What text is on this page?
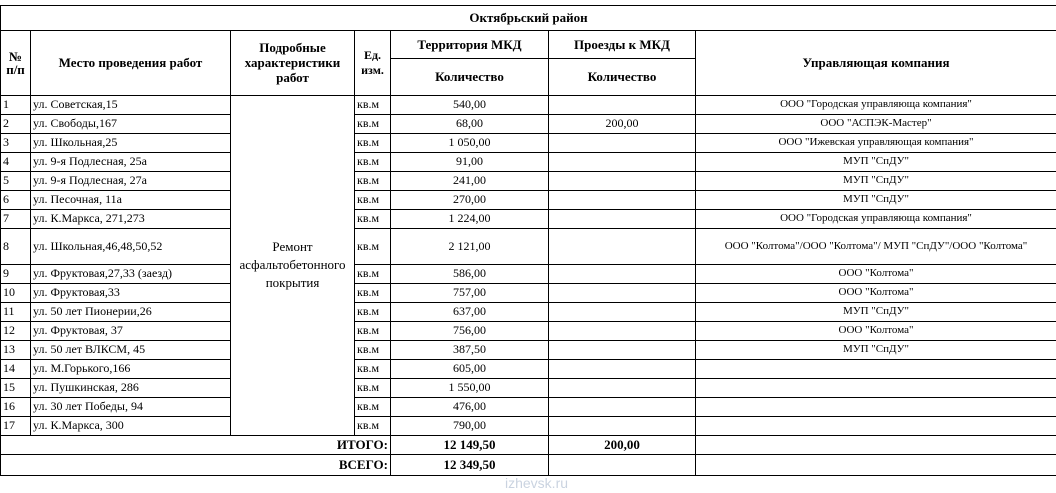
Октябрьский район						
№ п/п	Место проведения работ	Подробные характеристики работ	Ед. изм.	Территория МКД	Проезды к МКД	Управляющая компания
				Количество	Количество	
1	ул. Советская,15	Ремонт асфальтобетонного покрытия	кв.м	540,00		ООО "Городская управляюща компания"
2	ул. Свободы,167		кв.м	68,00	200,00	ООО "АСПЭК-Мастер"
3	ул. Школьная,25		кв.м	1 050,00		ООО "Ижевская управляющая компания"
4	ул. 9-я Подлесная, 25а		кв.м	91,00		МУП "СпДУ"
5	ул. 9-я Подлесная, 27а		кв.м	241,00		МУП "СпДУ"
6	ул. Песочная, 11а		кв.м	270,00		МУП "СпДУ"
7	ул. К.Маркса, 271,273		кв.м	1 224,00		ООО "Городская управляюща компания"
8	ул. Школьная,46,48,50,52		кв.м	2 121,00		ООО "Колтома"/ООО "Колтома"/ МУП "СпДУ"/ООО "Колтома"
9	ул. Фруктовая,27,33 (заезд)		кв.м	586,00		ООО "Колтома"
10	ул. Фруктовая,33		кв.м	757,00		ООО "Колтома"
11	ул. 50 лет Пионерии,26		кв.м	637,00		МУП "СпДУ"
12	ул. Фруктовая, 37		кв.м	756,00		ООО "Колтома"
13	ул. 50 лет ВЛКСМ, 45		кв.м	387,50		МУП "СпДУ"
14	ул. М.Горького,166		кв.м	605,00		
15	ул. Пушкинская, 286		кв.м	1 550,00		
16	ул. 30 лет Победы, 94		кв.м	476,00		
17	ул. К.Маркса, 300		кв.м	790,00		
ИТОГО:				12 149,50	200,00	
ВСЕГО:				12 349,50		
izhevsk.ru
